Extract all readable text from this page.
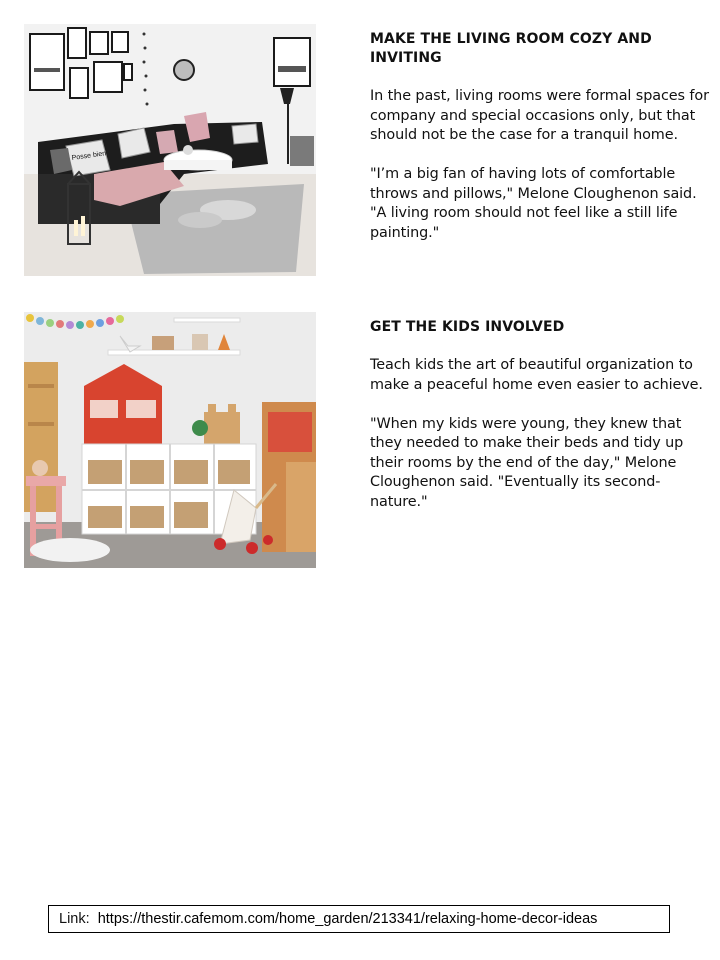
Posse bien
MAKE THE LIVING ROOM COZY AND INVITING

In the past, living rooms were formal spaces for company and special occasions only, but that should not be the case for a tranquil home.

"I’m a big fan of having lots of comfortable throws and pillows," Melone Cloughenon said. "A living room should not feel like a still life painting."

GET THE KIDS INVOLVED

Teach kids the art of beautiful organization to make a peaceful home even easier to achieve.

"When my kids were young, they knew that they needed to make their beds and tidy up their rooms by the end of the day," Melone Cloughenon said. "Eventually its second-nature."

Link: https://thestir.cafemom.com/home_garden/213341/relaxing-home-decor-ideas
